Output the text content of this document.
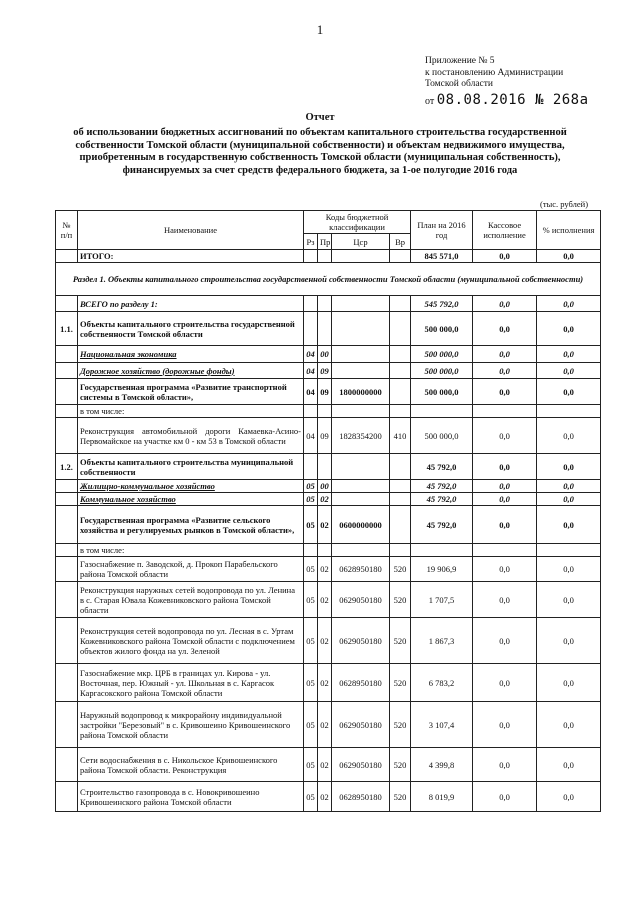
1
Приложение № 5
к постановлению Администрации
Томской области
от 08.08.2016 № 268а
Отчет
об использовании бюджетных ассигнований по объектам капитального строительства государственной собственности Томской области (муниципальной собственности) и объектам недвижимого имущества, приобретенным в государственную собственность Томской области (муниципальная собственность), финансируемых за счет средств федерального бюджета, за 1-ое полугодие 2016 года
(тыс. рублей)
№ п/п	Наименование	Коды бюджетной классификации				План на 2016 год	Кассовое исполнение	% исполнения
		Рз	Пр	Цср	Вр			
	ИТОГО:					845 571,0	0,0	0,0
Раздел 1. Объекты капитального строительства государственной собственности Томской области (муниципальной собственности)								
	ВСЕГО по разделу 1:					545 792,0	0,0	0,0
1.1.	Объекты капитального строительства государственной собственности Томской области					500 000,0	0,0	0,0
	Национальная экономика	04	00			500 000,0	0,0	0,0
	Дорожное хозяйство (дорожные фонды)	04	09			500 000,0	0,0	0,0
	Государственная программа «Развитие транспортной системы в Томской области»,	04	09	1800000000		500 000,0	0,0	0,0
	в том числе:							
	Реконструкция автомобильной дороги Камаевка-Асино-Первомайское на участке км 0 - км 53 в Томской области	04	09	1828354200	410	500 000,0	0,0	0,0
1.2.	Объекты капитального строительства муниципальной собственности					45 792,0	0,0	0,0
	Жилищно-коммунальное хозяйство	05	00			45 792,0	0,0	0,0
	Коммунальное хозяйство	05	02			45 792,0	0,0	0,0
	Государственная программа «Развитие сельского хозяйства и регулируемых рынков в Томской области»,	05	02	0600000000		45 792,0	0,0	0,0
	в том числе:							
	Газоснабжение п. Заводской, д. Прокоп Парабельского района Томской области	05	02	0628950180	520	19 906,9	0,0	0,0
	Реконструкция наружных сетей водопровода по ул. Ленина в с. Старая Ювала Кожевниковского района Томской области	05	02	0629050180	520	1 707,5	0,0	0,0
	Реконструкция сетей водопровода по ул. Лесная в с. Уртам Кожевниковского района Томской области с подключением объектов жилого фонда на ул. Зеленой	05	02	0629050180	520	1 867,3	0,0	0,0
	Газоснабжение мкр. ЦРБ в границах ул. Кирова - ул. Восточная, пер. Южный - ул. Школьная в с. Каргасок Каргасокского района Томской области	05	02	0628950180	520	6 783,2	0,0	0,0
	Наружный водопровод к микрорайону индивидуальной застройки "Березовый" в с. Кривошеино Кривошеинского района Томской области	05	02	0629050180	520	3 107,4	0,0	0,0
	Сети водоснабжения в с. Никольское Кривошеинского района Томской области. Реконструкция	05	02	0629050180	520	4 399,8	0,0	0,0
	Строительство газопровода в с. Новокривошеино Кривошеинского района Томской области	05	02	0628950180	520	8 019,9	0,0	0,0
